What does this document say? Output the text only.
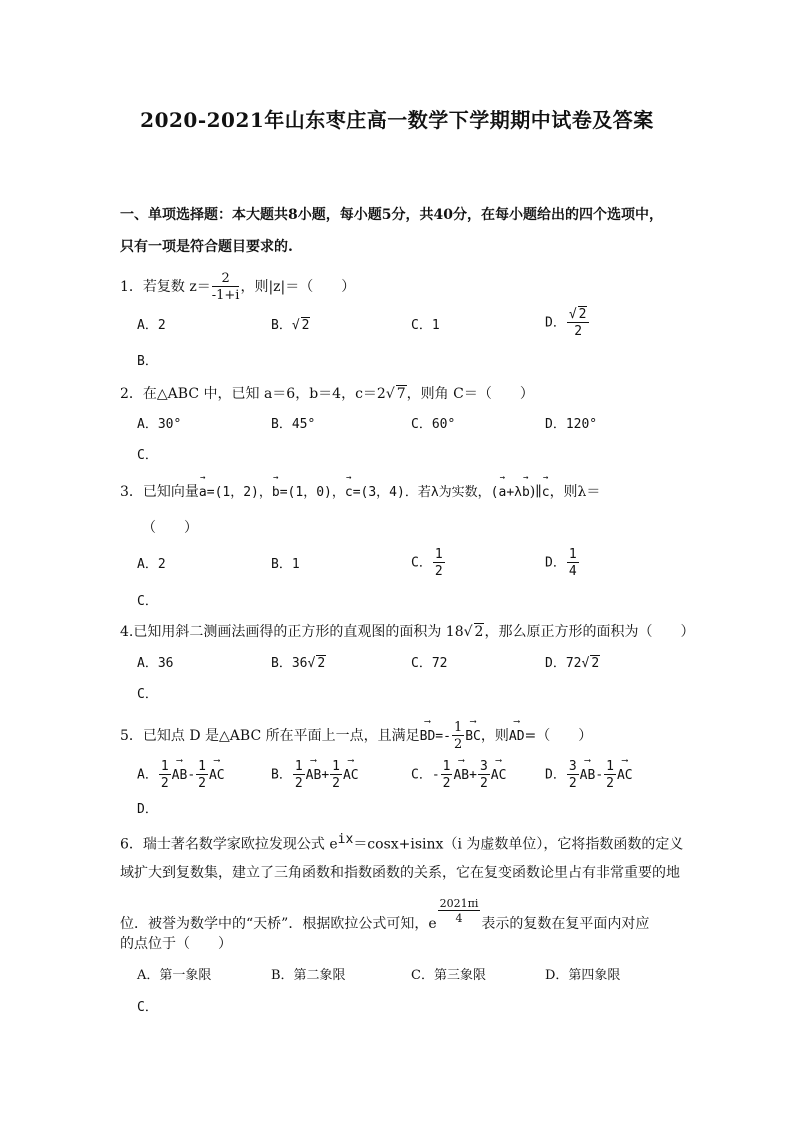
2020-2021年山东枣庄高一数学下学期期中试卷及答案
一、单项选择题：本大题共8小题，每小题5分，共40分，在每小题给出的四个选项中，
只有一项是符合题目要求的.
1．若复数 $z= \frac{2}{-1+i}$ ，则|z|＝（　　）
A．2	B．√ 2	C．1	D． $\frac{√ 2}{2}$
B．
2．在△ABC 中，已知 a＝6，b＝4，c＝2√ 7，则角 C＝（　　）
A．30°	B．45°	C．60°	D．120°
C．
3．已知向量
→
a=(1，2)，
→
b=(1，0)，
→
c=(3，4)．若λ为实数，(
→
a+λ
→
b)∥
→
c，则λ＝
（　　）
A．2	B．1	C． $\frac{1}{2}$	D． $\frac{1}{4}$
C．
4.已知用斜二测画法画得的正方形的直观图的面积为 18√ 2，那么原正方形的面积为（　　）
A．36	B．36√ 2	C．72	D．72√ 2
C．
5．已知点 D 是△ABC 所在平面上一点，且满足
⟶
$BD=- \frac{1}{2}$ ⟶
BC，则
⟶
AD=（　　）
A． $\frac{1}{2}$ ⟶
$AB- \frac{1}{2}$ ⟶
AC	B． $\frac{1}{2}$ ⟶
$AB+ \frac{1}{2}$ ⟶
AC	C．- $\frac{1}{2}$ ⟶
$AB+ \frac{3}{2}$ ⟶
AC	D． $\frac{3}{2}$ ⟶
$AB- \frac{1}{2}$ ⟶
AC
D．
6．瑞士著名数学家欧拉发现公式 $e^{ix}=\cos x+isinx(i$ 为虚数单位），它将指数函数的定义
域扩大到复数集，建立了三角函数和指数函数的关系，它在复变函数论里占有非常重要的地
位．被誉为数学中的“天桥”．根据欧拉公式可知，e $\frac{2021\pi i}{4}$ 表示的复数在复平面内对应
的点位于（　　）
A．第一象限	B．第二象限	C．第三象限	D．第四象限
C．
